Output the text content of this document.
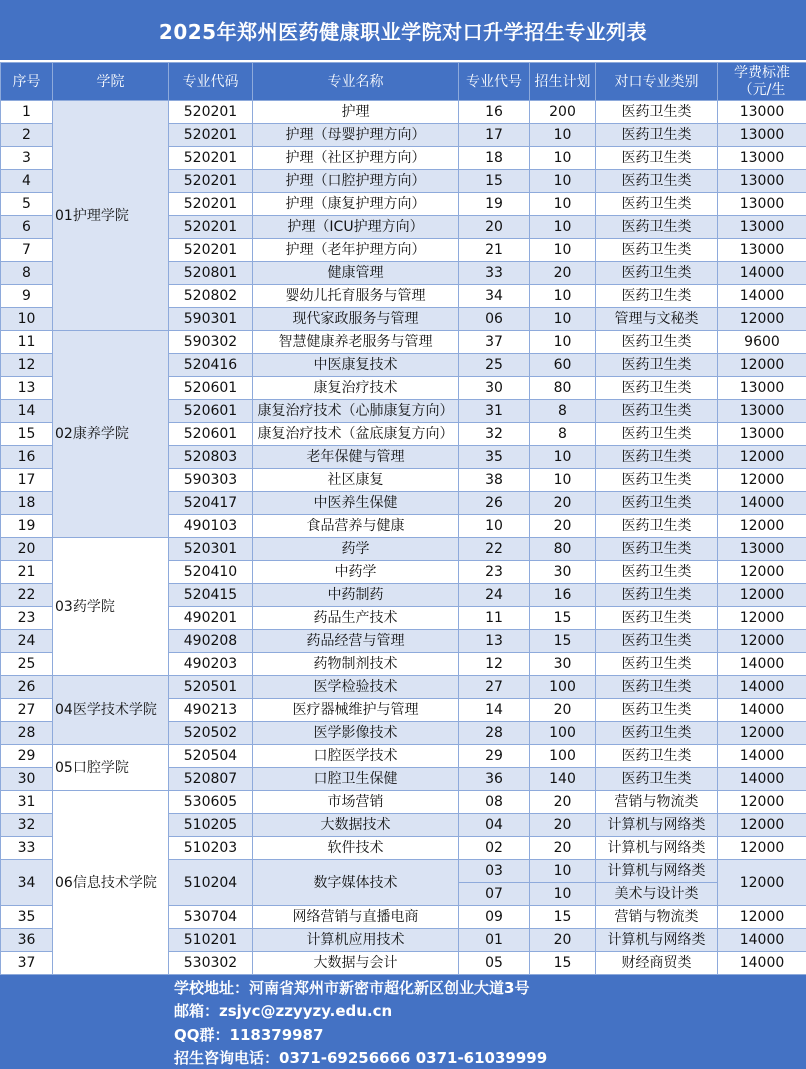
2025年郑州医药健康职业学院对口升学招生专业列表
序号	学院	专业代码	专业名称	专业代号	招生计划	对口专业类别	学费标准（元/生
1	01护理学院	520201	护理	16	200	医药卫生类	13000
2		520201	护理（母婴护理方向）	17	10	医药卫生类	13000
3		520201	护理（社区护理方向）	18	10	医药卫生类	13000
4		520201	护理（口腔护理方向）	15	10	医药卫生类	13000
5		520201	护理（康复护理方向）	19	10	医药卫生类	13000
6		520201	护理（ICU护理方向）	20	10	医药卫生类	13000
7		520201	护理（老年护理方向）	21	10	医药卫生类	13000
8		520801	健康管理	33	20	医药卫生类	14000
9		520802	婴幼儿托育服务与管理	34	10	医药卫生类	14000
10		590301	现代家政服务与管理	06	10	管理与文秘类	12000
11	02康养学院	590302	智慧健康养老服务与管理	37	10	医药卫生类	9600
12		520416	中医康复技术	25	60	医药卫生类	12000
13		520601	康复治疗技术	30	80	医药卫生类	13000
14		520601	康复治疗技术（心肺康复方向）	31	8	医药卫生类	13000
15		520601	康复治疗技术（盆底康复方向）	32	8	医药卫生类	13000
16		520803	老年保健与管理	35	10	医药卫生类	12000
17		590303	社区康复	38	10	医药卫生类	12000
18		520417	中医养生保健	26	20	医药卫生类	14000
19		490103	食品营养与健康	10	20	医药卫生类	12000
20	03药学院	520301	药学	22	80	医药卫生类	13000
21		520410	中药学	23	30	医药卫生类	12000
22		520415	中药制药	24	16	医药卫生类	12000
23		490201	药品生产技术	11	15	医药卫生类	12000
24		490208	药品经营与管理	13	15	医药卫生类	12000
25		490203	药物制剂技术	12	30	医药卫生类	14000
26	04医学技术学院	520501	医学检验技术	27	100	医药卫生类	14000
27		490213	医疗器械维护与管理	14	20	医药卫生类	14000
28		520502	医学影像技术	28	100	医药卫生类	12000
29	05口腔学院	520504	口腔医学技术	29	100	医药卫生类	14000
30		520807	口腔卫生保健	36	140	医药卫生类	14000
31	06信息技术学院	530605	市场营销	08	20	营销与物流类	12000
32		510205	大数据技术	04	20	计算机与网络类	12000
33		510203	软件技术	02	20	计算机与网络类	12000
34		510204	数字媒体技术	03	10	计算机与网络类	12000
				07	10	美术与设计类	
35		530704	网络营销与直播电商	09	15	营销与物流类	12000
36		510201	计算机应用技术	01	20	计算机与网络类	14000
37		530302	大数据与会计	05	15	财经商贸类	14000
学校地址：河南省郑州市新密市超化新区创业大道3号
邮箱：zsjyc@zzyyzy.edu.cn
QQ群：118379987
招生咨询电话：0371-69256666 0371-61039999
